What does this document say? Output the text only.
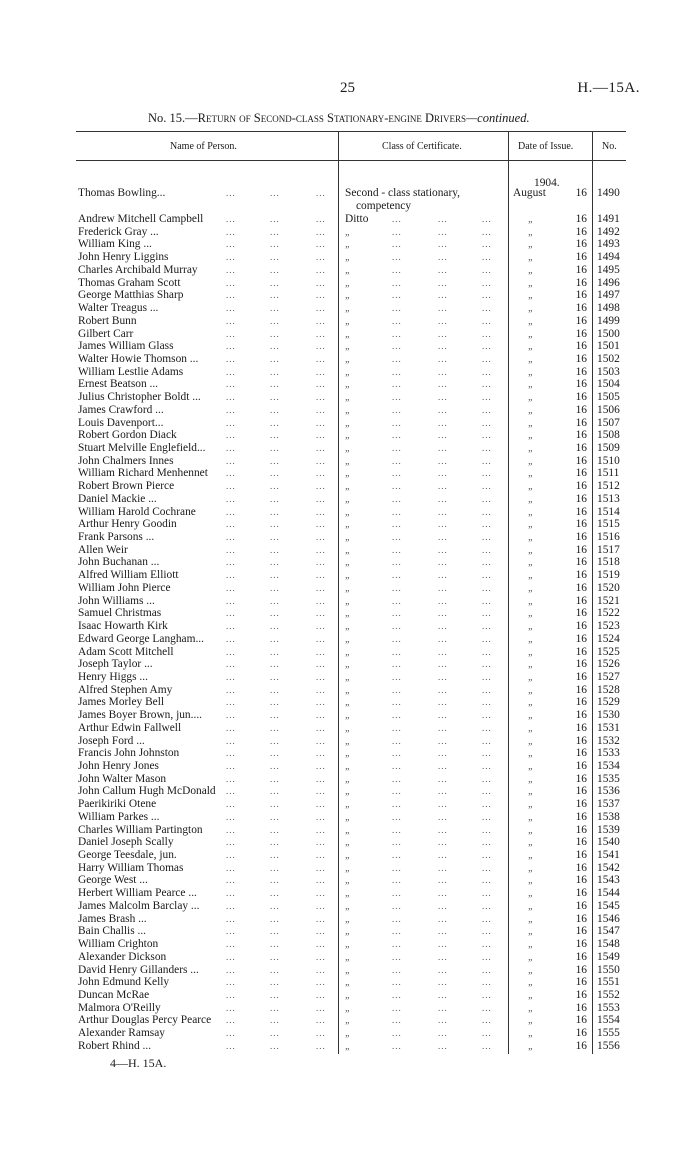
25	H.—15A.
No. 15.—Return of Second-class Stationary-engine Drivers—continued.
Name of Person.	Class of Certificate.	Date of Issue.	No.
1904.
Thomas Bowling...	...	...	... Second - class stationary,	August	16 1490
competency
Andrew Mitchell Campbell	...	...	... Ditto	...	...	...	„	16 1491
Frederick Gray ...	...	...	... „	...	...	...	„	16 1492
William King ...	...	...	... „	...	...	...	„	16 1493
John Henry Liggins	...	...	... „	...	...	...	„	16 1494
Charles Archibald Murray	...	...	... „	...	...	...	„	16 1495
Thomas Graham Scott	...	...	... „	...	...	...	„	16 1496
George Matthias Sharp	...	...	... „	...	...	...	„	16 1497
Walter Treagus ...	...	...	... „	...	...	...	„	16 1498
Robert Bunn	...	...	... „	...	...	...	„	16 1499
Gilbert Carr	...	...	... „	...	...	...	„	16 1500
James William Glass	...	...	... „	...	...	...	„	16 1501
Walter Howie Thomson ...	...	...	... „	...	...	...	„	16 1502
William Lestlie Adams	...	...	... „	...	...	...	„	16 1503
Ernest Beatson ...	...	...	... „	...	...	...	„	16 1504
Julius Christopher Boldt ...	...	...	... „	...	...	...	„	16 1505
James Crawford ...	...	...	... „	...	...	...	„	16 1506
Louis Davenport...	...	...	... „	...	...	...	„	16 1507
Robert Gordon Diack	...	...	... „	...	...	...	„	16 1508
Stuart Melville Englefield... ...	...	... „	...	...	...	„	16 1509
John Chalmers Innes	...	...	... „	...	...	...	„	16 1510
William Richard Menhennet ...	...	... „	...	...	...	„	16 1511
Robert Brown Pierce	...	...	... „	...	...	...	„	16 1512
Daniel Mackie ...	...	...	... „	...	...	...	„	16 1513
William Harold Cochrane	...	...	... „	...	...	...	„	16 1514
Arthur Henry Goodin	...	...	... „	...	...	...	„	16 1515
Frank Parsons ...	...	...	... „	...	...	...	„	16 1516
Allen Weir	...	...	... „	...	...	...	„	16 1517
John Buchanan ...	...	...	... „	...	...	...	„	16 1518
Alfred William Elliott	...	...	... „	...	...	...	„	16 1519
William John Pierce	...	...	... „	...	...	...	„	16 1520
John Williams ...	...	...	... „	...	...	...	„	16 1521
Samuel Christmas	...	...	... „	...	...	...	„	16 1522
Isaac Howarth Kirk	...	...	... „	...	...	...	„	16 1523
Edward George Langham... ...	...	... „	...	...	...	„	16 1524
Adam Scott Mitchell	...	...	... „	...	...	...	„	16 1525
Joseph Taylor ...	...	...	... „	...	...	...	„	16 1526
Henry Higgs ...	...	...	... „	...	...	...	„	16 1527
Alfred Stephen Amy	...	...	... „	...	...	...	„	16 1528
James Morley Bell	...	...	... „	...	...	...	„	16 1529
James Boyer Brown, jun....	...	...	... „	...	...	...	„	16 1530
Arthur Edwin Fallwell	...	...	... „	...	...	...	„	16 1531
Joseph Ford ...	...	...	... „	...	...	...	„	16 1532
Francis John Johnston	...	...	... „	...	...	...	„	16 1533
John Henry Jones	...	...	... „	...	...	...	„	16 1534
John Walter Mason	...	...	... „	...	...	...	„	16 1535
John Callum Hugh McDonald ...	...	... „	...	...	...	„	16 1536
Paerikiriki Otene	...	...	... „	...	...	...	„	16 1537
William Parkes ...	...	...	... „	...	...	...	„	16 1538
Charles William Partington	...	...	... „	...	...	...	„	16 1539
Daniel Joseph Scally	...	...	... „	...	...	...	„	16 1540
George Teesdale, jun.	...	...	... „	...	...	...	„	16 1541
Harry William Thomas	...	...	... „	...	...	...	„	16 1542
George West ...	...	...	... „	...	...	...	„	16 1543
Herbert William Pearce ...	...	...	... „	...	...	...	„	16 1544
James Malcolm Barclay ...	...	...	... „	...	...	...	„	16 1545
James Brash ...	...	...	... „	...	...	...	„	16 1546
Bain Challis ...	...	...	... „	...	...	...	„	16 1547
William Crighton	...	...	... „	...	...	...	„	16 1548
Alexander Dickson	...	...	... „	...	...	...	„	16 1549
David Henry Gillanders ...	...	...	... „	...	...	...	„	16 1550
John Edmund Kelly	...	...	... „	...	...	...	„	16 1551
Duncan McRae	...	...	... „	...	...	...	„	16 1552
Malmora O'Reilly	...	...	... „	...	...	...	„	16 1553
Arthur Douglas Percy Pearce ...	...	... „	...	...	...	„	16 1554
Alexander Ramsay	...	...	... „	...	...	...	„	16 1555
Robert Rhind ...	...	...	... „	...	...	...	„	16 1556
4—H. 15A.
